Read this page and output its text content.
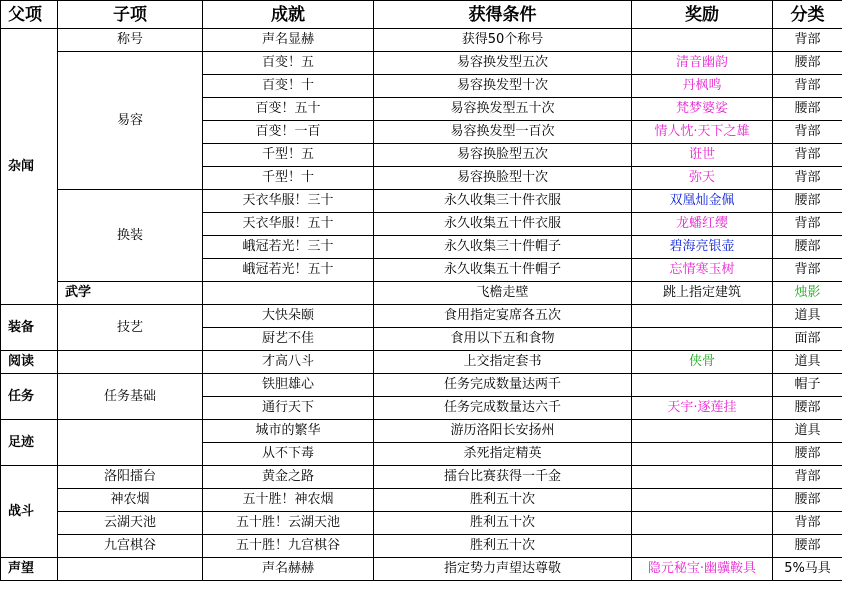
父项	子项	成就	获得条件	奖励	分类	
杂闻	称号	声名显赫	获得50个称号		背部	
	易容	百变！五	易容换发型五次	清音幽韵	腰部	
		百变！十	易容换发型十次	丹枫鸣	背部	
		百变！五十	易容换发型五十次	梵梦婆娑	腰部	
		百变！一百	易容换发型一百次	情人忱·天下之雄	背部	
		千型！五	易容换脸型五次	诳世	背部	
		千型！十	易容换脸型十次	弥天	背部	
	换装	天衣华服！三十	永久收集三十件衣服	双凰灿金佩	腰部	
		天衣华服！五十	永久收集五十件衣服	龙蟠红缨	背部	
		峨冠若光！三十	永久收集三十件帽子	碧海亮银壶	腰部	
		峨冠若光！五十	永久收集五十件帽子	忘情寒玉树	背部	
	武学		飞檐走壁	跳上指定建筑	烛影	
装备	技艺	大快朵颐	食用指定宴席各五次		道具	
		厨艺不佳	食用以下五和食物		面部	
阅读		才高八斗	上交指定套书	侠骨	道具	
任务	任务基础	铁胆雄心	任务完成数量达两千		帽子	
		通行天下	任务完成数量达六千	天宇·逐莲挂	腰部	
足迹		城市的繁华	游历洛阳长安扬州		道具	
		从不下毒	杀死指定精英		腰部	
战斗	洛阳擂台	黄金之路	擂台比赛获得一千金		背部	
	神农烟	五十胜！神农烟	胜利五十次		腰部	
	云湖天池	五十胜！云湖天池	胜利五十次		背部	
	九宫棋谷	五十胜！九宫棋谷	胜利五十次		腰部	
声望		声名赫赫	指定势力声望达尊敬	隐元秘宝·幽骥鞍具	5%马具	
